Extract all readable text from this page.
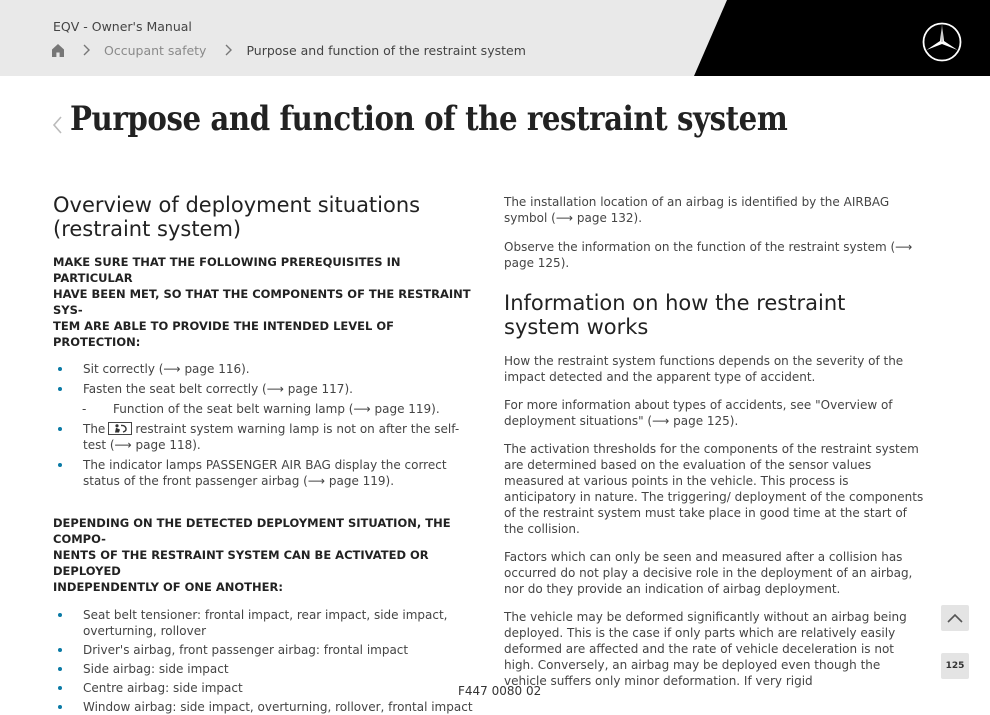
EQV - Owner's Manual
Occupant safety	Purpose and function of the restraint system
Purpose and function of the restraint system
Overview of deployment situations (restraint system)
MAKE SURE THAT THE FOLLOWING PREREQUISITES IN PARTICULAR
HAVE BEEN MET, SO THAT THE COMPONENTS OF THE RESTRAINT SYS-
TEM ARE ABLE TO PROVIDE THE INTENDED LEVEL OF PROTECTION:
Sit correctly (⟶ page 116).
Fasten the seat belt correctly (⟶ page 117).
- Function of the seat belt warning lamp (⟶ page 119).
The	restraint system warning lamp is not on after the self-test (⟶ page 118).
The indicator lamps PASSENGER AIR BAG display the correct status of the front passenger airbag (⟶ page 119).
DEPENDING ON THE DETECTED DEPLOYMENT SITUATION, THE COMPO-
NENTS OF THE RESTRAINT SYSTEM CAN BE ACTIVATED OR DEPLOYED
INDEPENDENTLY OF ONE ANOTHER:
Seat belt tensioner: frontal impact, rear impact, side impact, overturning, rollover
Driver's airbag, front passenger airbag: frontal impact
Side airbag: side impact
Centre airbag: side impact
Window airbag: side impact, overturning, rollover, frontal impact

The installation location of an airbag is identified by the AIRBAG symbol (⟶ page 132).

Observe the information on the function of the restraint system (⟶ page 125).

Information on how the restraint system works

How the restraint system functions depends on the severity of the impact detected and the apparent type of accident.

For more information about types of accidents, see "Overview of deployment situations" (⟶ page 125).

The activation thresholds for the components of the restraint system are determined based on the evaluation of the sensor values measured at various points in the vehicle. This process is anticipatory in nature. The triggering/ deployment of the components of the restraint system must take place in good time at the start of the collision.

Factors which can only be seen and measured after a collision has occurred do not play a decisive role in the deployment of an airbag, nor do they provide an indication of airbag deployment.

The vehicle may be deformed significantly without an airbag being deployed. This is the case if only parts which are relatively easily deformed are affected and the rate of vehicle deceleration is not high. Conversely, an airbag may be deployed even though the vehicle suffers only minor deformation. If very rigid

125
F447 0080 02
